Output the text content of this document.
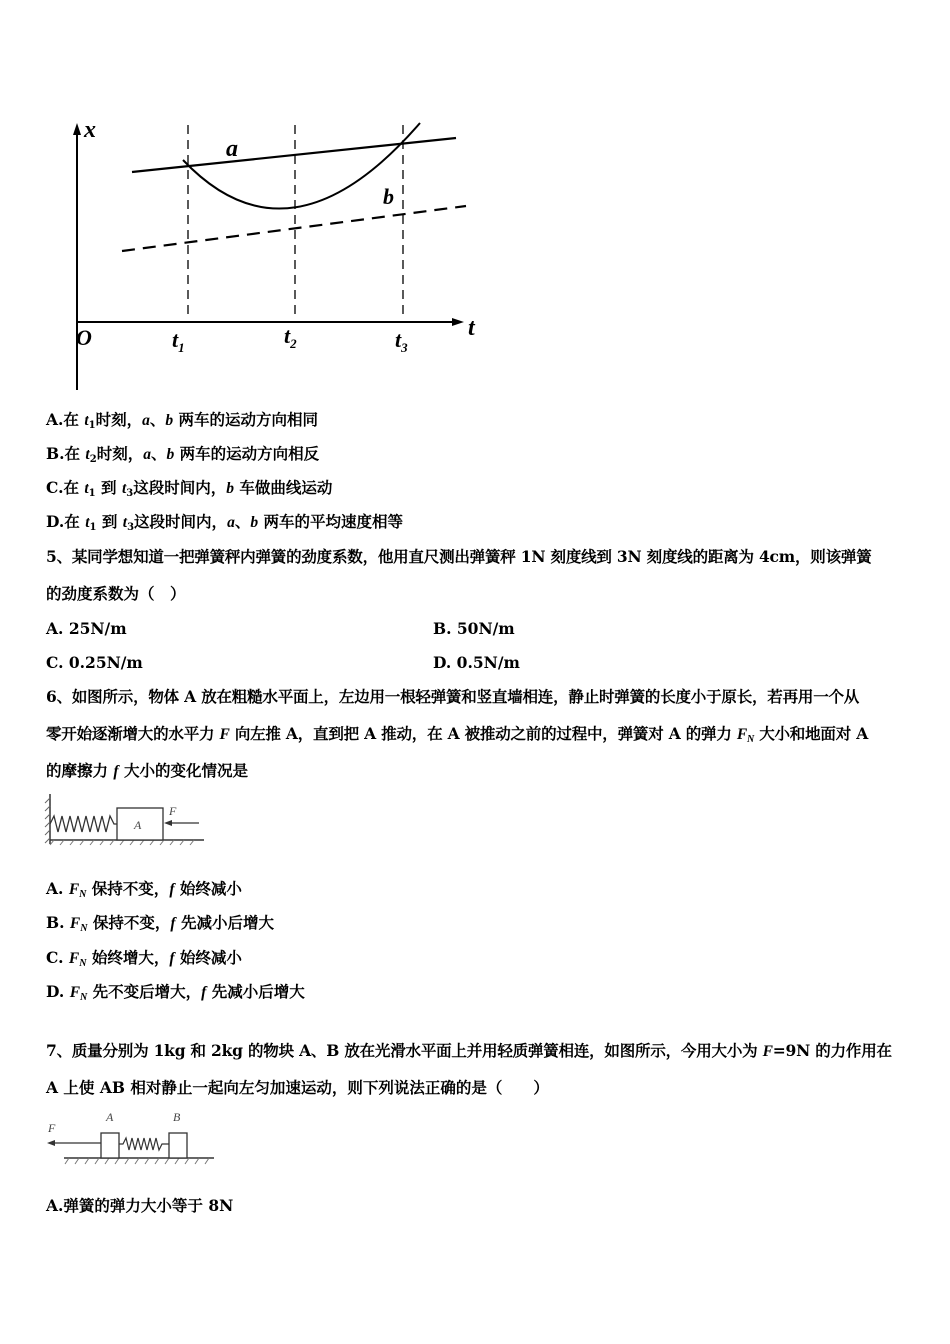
x
t
O
a
b
$t_1$	$t_2$	$t_3$
A.在 $t_1$时刻，a、b 两车的运动方向相同
B.在 $t_2$时刻，a、b 两车的运动方向相反
C.在 $t_1$ 到 $t_3$这段时间内，b 车做曲线运动
D.在 $t_1$ 到 $t_3$这段时间内，a、b 两车的平均速度相等
5、某同学想知道一把弹簧秤内弹簧的劲度系数，他用直尺测出弹簧秤 1N 刻度线到 3N 刻度线的距离为 4cm，则该弹簧
的劲度系数为（　）
A. 25N/m	B. 50N/m
C. 0.25N/m	D. 0.5N/m
6、如图所示，物体 A 放在粗糙水平面上，左边用一根轻弹簧和竖直墙相连，静止时弹簧的长度小于原长，若再用一个从
零开始逐渐增大的水平力 F 向左推 A，直到把 A 推动，在 A 被推动之前的过程中，弹簧对 A 的弹力 $F_N$ 大小和地面对 A
的摩擦力 f 大小的变化情况是
A
F
A. $F_N$ 保持不变，f 始终减小
B. $F_N$ 保持不变，f 先减小后增大
C. $F_N$ 始终增大，f 始终减小
D. $F_N$ 先不变后增大，f 先减小后增大
7、质量分别为 1kg 和 2kg 的物块 A、B 放在光滑水平面上并用轻质弹簧相连，如图所示，今用大小为 F=9N 的力作用在
A 上使 AB 相对静止一起向左匀加速运动，则下列说法正确的是（　　）
F
A	B
A.弹簧的弹力大小等于 8N
